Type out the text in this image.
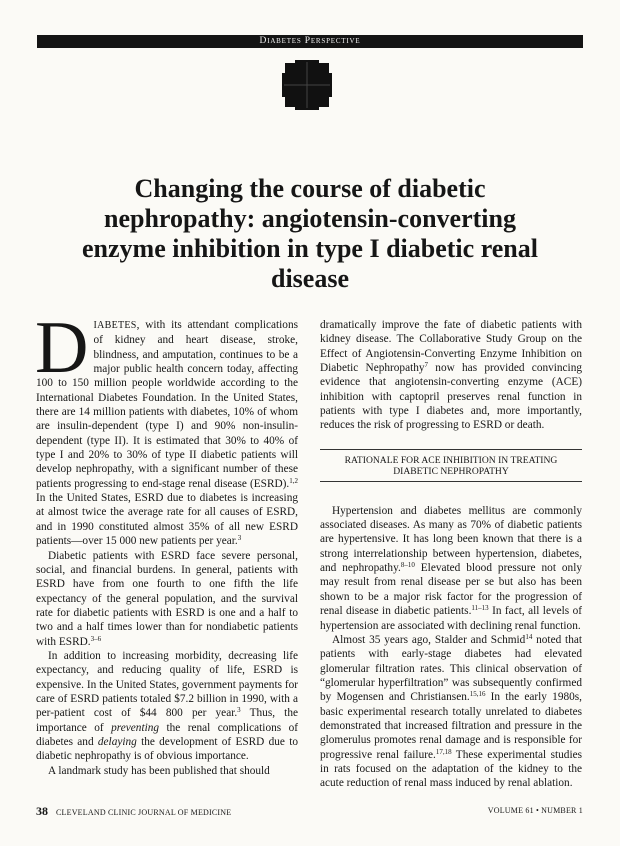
Diabetes Perspective
Changing the course of diabetic nephropathy: angiotensin-converting enzyme inhibition in type I diabetic renal disease

DIABETES, with its attendant complications of kidney and heart disease, stroke, blindness, and amputation, continues to be a major public health concern today, affecting 100 to 150 million people worldwide according to the International Diabetes Foundation. In the United States, there are 14 million patients with diabetes, 10% of whom are insulin-dependent (type I) and 90% non-insulin-dependent (type II). It is estimated that 30% to 40% of type I and 20% to 30% of type II diabetic patients will develop nephropathy, with a significant number of these patients progressing to end-stage renal disease (ESRD).$^{1,2}$ In the United States, ESRD due to diabetes is increasing at almost twice the average rate for all causes of ESRD, and in 1990 constituted almost 35% of all new ESRD patients—over 15 000 new patients per year.$^3$

Diabetic patients with ESRD face severe personal, social, and financial burdens. In general, patients with ESRD have from one fourth to one fifth the life expectancy of the general population, and the survival rate for diabetic patients with ESRD is one and a half to two and a half times lower than for nondiabetic patients with ESRD.$^{3-6}$

In addition to increasing morbidity, decreasing life expectancy, and reducing quality of life, ESRD is expensive. In the United States, government payments for care of ESRD patients totaled $7.2 billion in 1990, with a per-patient cost of $44 800 per year.$^3$ Thus, the importance of preventing the renal complications of diabetes and delaying the development of ESRD due to diabetic nephropathy is of obvious importance.

A landmark study has been published that should

dramatically improve the fate of diabetic patients with kidney disease. The Collaborative Study Group on the Effect of Angiotensin-Converting Enzyme Inhibition on Diabetic Nephropathy$^7$ now has provided convincing evidence that angiotensin-converting enzyme (ACE) inhibition with captopril preserves renal function in patients with type I diabetes and, more importantly, reduces the risk of progressing to ESRD or death.

RATIONALE FOR ACE INHIBITION IN TREATING
DIABETIC NEPHROPATHY

Hypertension and diabetes mellitus are commonly associated diseases. As many as 70% of diabetic patients are hypertensive. It has long been known that there is a strong interrelationship between hypertension, diabetes, and nephropathy.$^{8-10}$ Elevated blood pressure not only may result from renal disease per se but also has been shown to be a major risk factor for the progression of renal disease in diabetic patients.$^{11-13}$ In fact, all levels of hypertension are associated with declining renal function.

Almost 35 years ago, Stalder and Schmid$^{14}$ noted that patients with early-stage diabetes had elevated glomerular filtration rates. This clinical observation of “glomerular hyperfiltration” was subsequently confirmed by Mogensen and Christiansen.$^{15,16}$ In the early 1980s, basic experimental research totally unrelated to diabetes demonstrated that increased filtration and pressure in the glomerulus promotes renal damage and is responsible for progressive renal failure.$^{17,18}$ These experimental studies in rats focused on the adaptation of the kidney to the acute reduction of renal mass induced by renal ablation.

38 CLEVELAND CLINIC JOURNAL OF MEDICINE	VOLUME 61 • NUMBER 1
